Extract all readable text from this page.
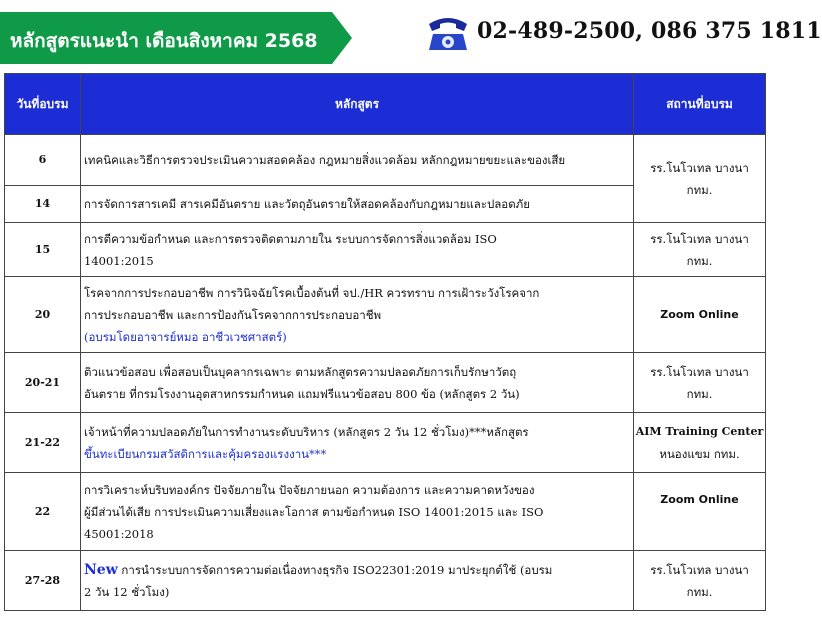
หลักสูตรแนะนำ เดือนสิงหาคม 2568	02-489-2500, 086 375 1811
วันที่อบรม	หลักสูตร	สถานที่อบรม
6	เทคนิคและวิธีการตรวจประเมินความสอดคล้อง กฎหมายสิ่งแวดล้อม หลักกฎหมายขยะและของเสีย	รร.โนโวเทล บางนา
กทม.

14	การจัดการสารเคมี สารเคมีอันตราย และวัตถุอันตรายให้สอดคล้องกับกฎหมายและปลอดภัย	
15	การตีความข้อกำหนด และการตรวจติดตามภายใน ระบบการจัดการสิ่งแวดล้อม ISO
14001:2015	รร.โนโวเทล บางนา
กทม.

20	โรคจากการประกอบอาชีพ การวินิจฉัยโรคเบื้องต้นที่ จป./HR ควรทราบ การเฝ้าระวังโรคจาก
การประกอบอาชีพ และการป้องกันโรคจากการประกอบอาชีพ
(อบรมโดยอาจารย์หมอ อาชีวเวชศาสตร์)	Zoom Online
20-21	ติวแนวข้อสอบ เพื่อสอบเป็นบุคลากรเฉพาะ ตามหลักสูตรความปลอดภัยการเก็บรักษาวัตถุ
อันตราย ที่กรมโรงงานอุตสาหกรรมกำหนด แถมฟรีแนวข้อสอบ 800 ข้อ (หลักสูตร 2 วัน)	รร.โนโวเทล บางนา
กทม.

21-22	เจ้าหน้าที่ความปลอดภัยในการทำงานระดับบริหาร (หลักสูตร 2 วัน 12 ชั่วโมง)***หลักสูตร
ขึ้นทะเบียนกรมสวัสดิการและคุ้มครองแรงงาน***	AIM Training Center
หนองแขม กทม.

22	การวิเคราะห์บริบทองค์กร ปัจจัยภายใน ปัจจัยภายนอก ความต้องการ และความคาดหวังของ
ผู้มีส่วนได้เสีย การประเมินความเสี่ยงและโอกาส ตามข้อกำหนด ISO 14001:2015 และ ISO
45001:2018	Zoom Online
27-28	New การนำระบบการจัดการความต่อเนื่องทางธุรกิจ ISO22301:2019 มาประยุกต์ใช้ (อบรม
2 วัน 12 ชั่วโมง)	รร.โนโวเทล บางนา
กทม.
